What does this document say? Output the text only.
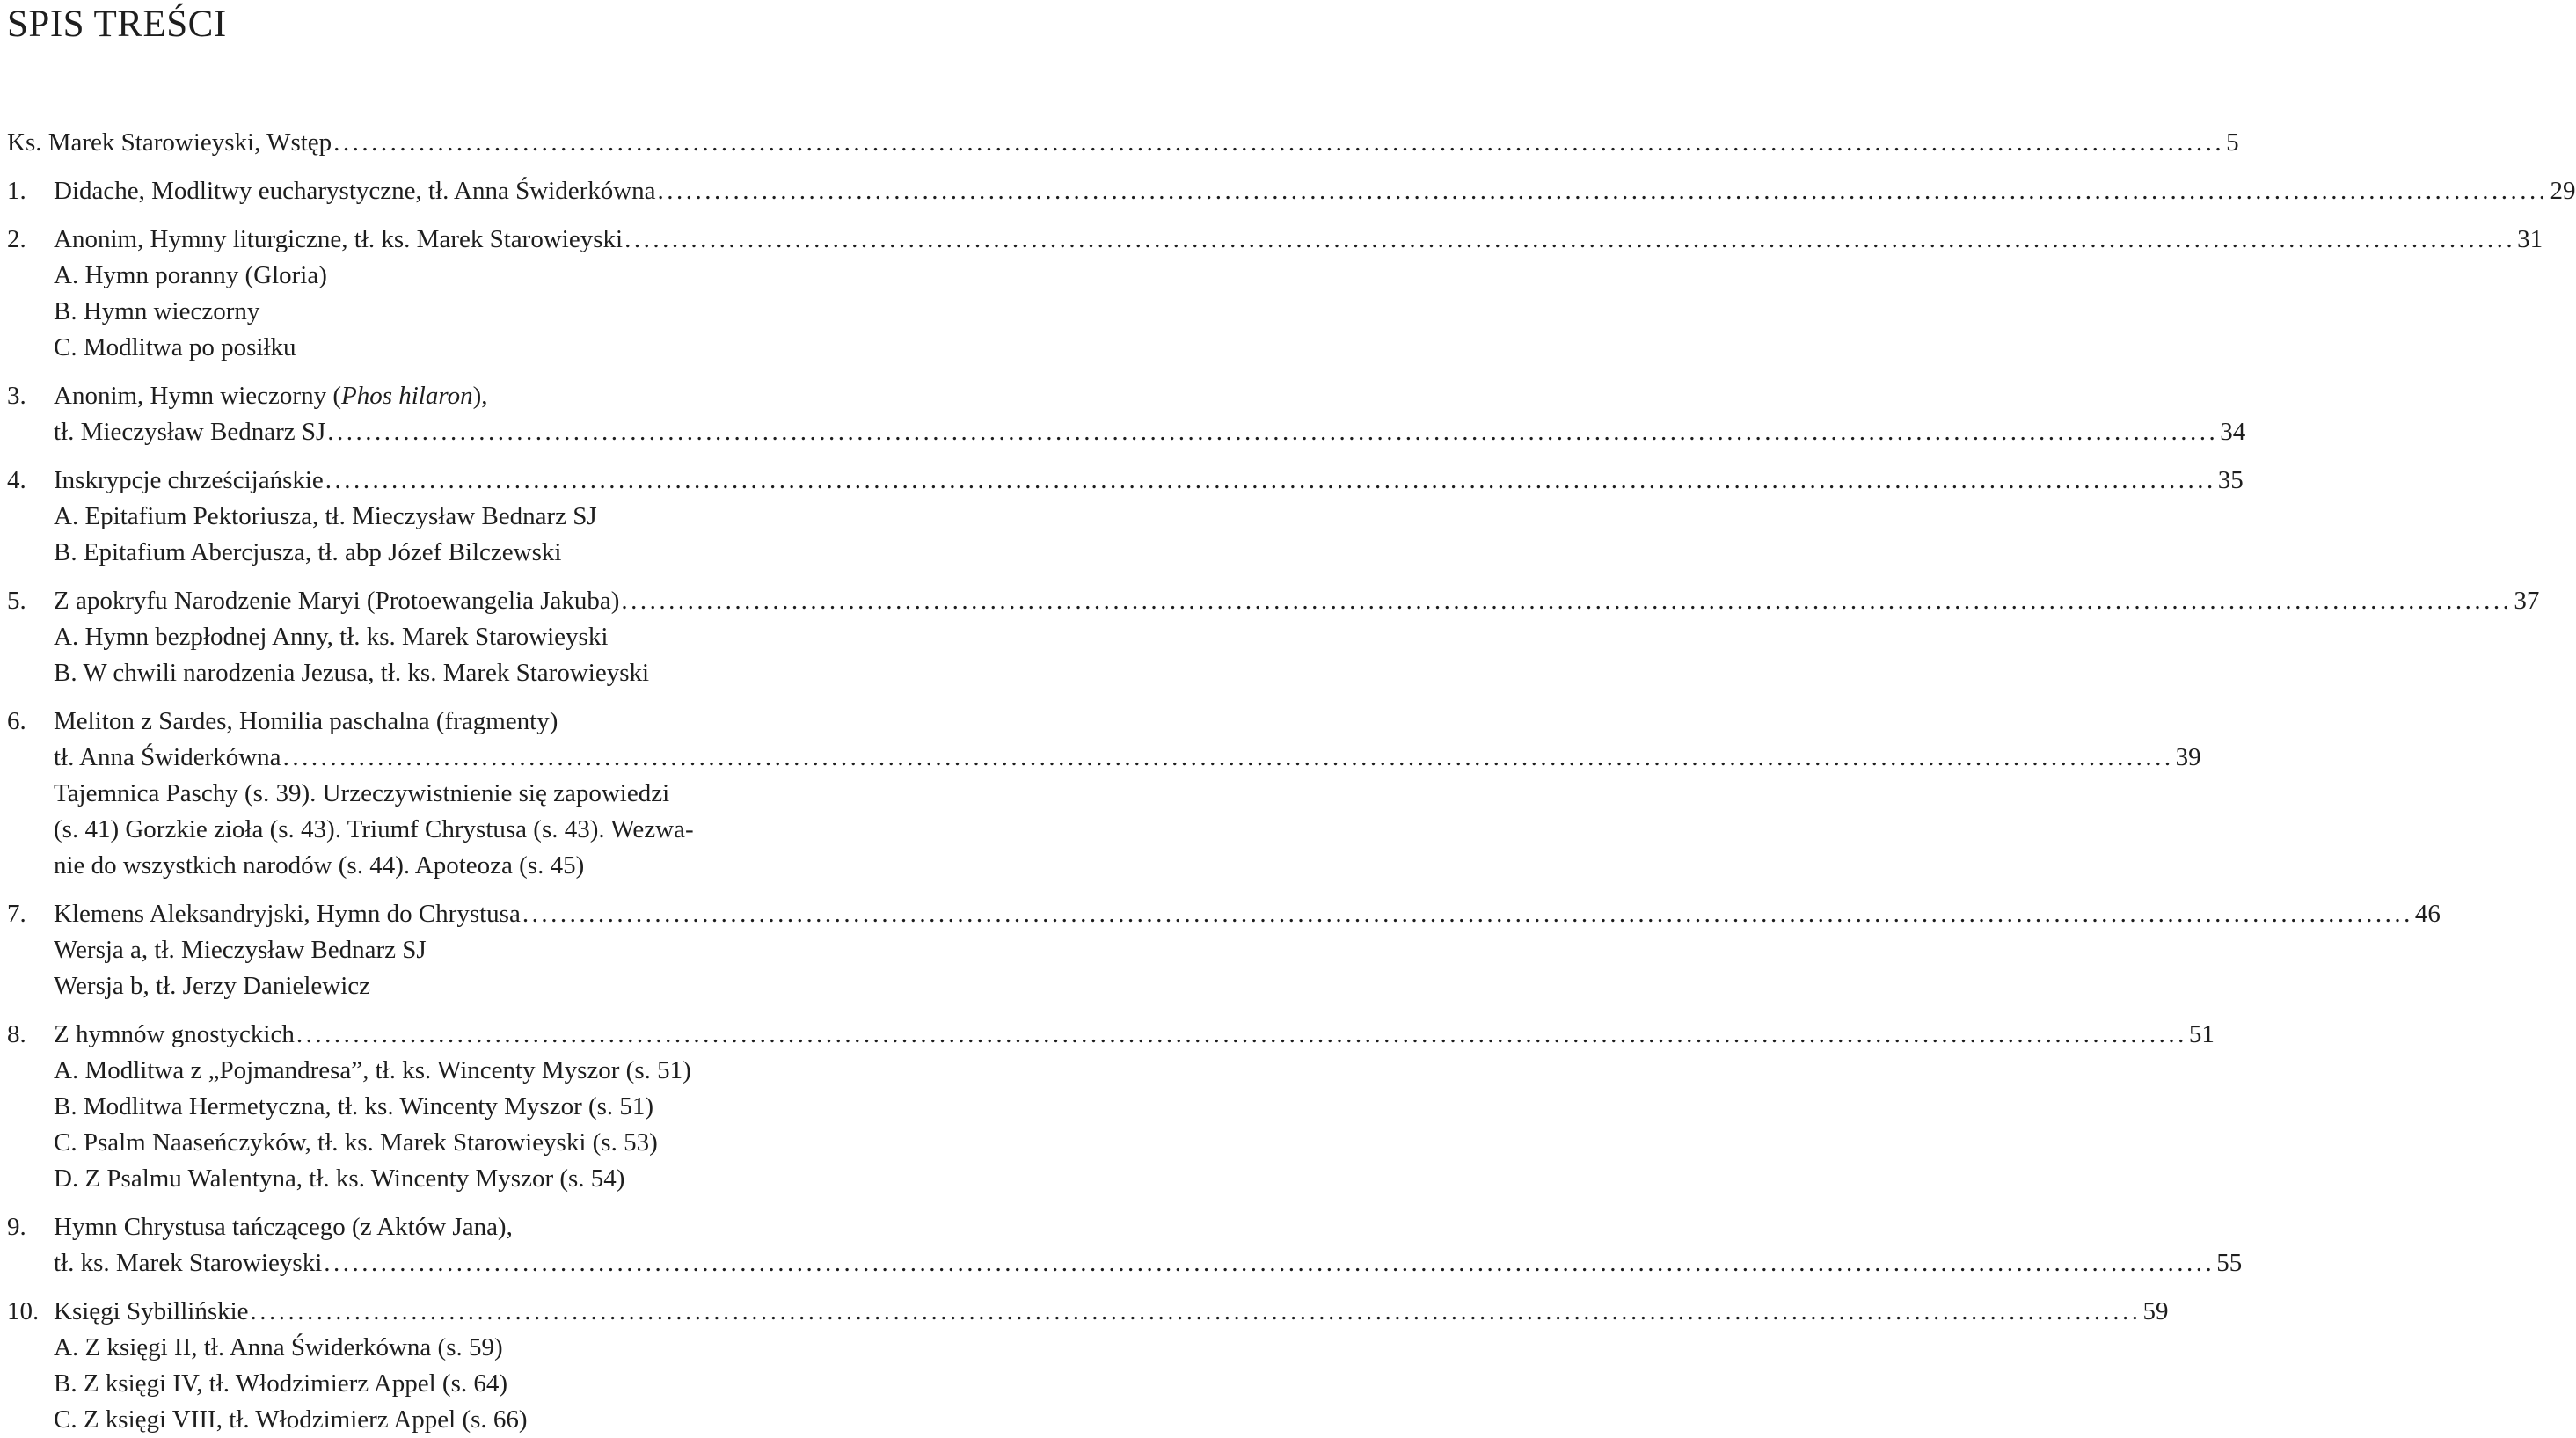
SPIS TREŚCI
Ks. Marek Starowieyski, Wstęp ........................................................................................................................................................................................................ 5
1.	Didache, Modlitwy eucharystyczne, tł. Anna Świderkówna ........................................................................................................................................................................................................ 29
2.	Anonim, Hymny liturgiczne, tł. ks. Marek Starowieyski ........................................................................................................................................................................................................ 31
A. Hymn poranny (Gloria)
B. Hymn wieczorny
C. Modlitwa po posiłku
3.	Anonim, Hymn wieczorny (Phos hilaron),
tł. Mieczysław Bednarz SJ ........................................................................................................................................................................................................ 34
4.	Inskrypcje chrześcijańskie ........................................................................................................................................................................................................ 35
A. Epitafium Pektoriusza, tł. Mieczysław Bednarz SJ
B. Epitafium Abercjusza, tł. abp Józef Bilczewski
5.	Z apokryfu Narodzenie Maryi (Protoewangelia Jakuba) ........................................................................................................................................................................................................ 37
A. Hymn bezpłodnej Anny, tł. ks. Marek Starowieyski
B. W chwili narodzenia Jezusa, tł. ks. Marek Starowieyski
6.	Meliton z Sardes, Homilia paschalna (fragmenty)
tł. Anna Świderkówna ........................................................................................................................................................................................................ 39
Tajemnica Paschy (s. 39). Urzeczywistnienie się zapowiedzi
(s. 41) Gorzkie zioła (s. 43). Triumf Chrystusa (s. 43). Wezwa-
nie do wszystkich narodów (s. 44). Apoteoza (s. 45)
7.	Klemens Aleksandryjski, Hymn do Chrystusa ........................................................................................................................................................................................................ 46
Wersja a, tł. Mieczysław Bednarz SJ
Wersja b, tł. Jerzy Danielewicz
8.	Z hymnów gnostyckich ........................................................................................................................................................................................................ 51
A. Modlitwa z „Pojmandresa”, tł. ks. Wincenty Myszor (s. 51)
B. Modlitwa Hermetyczna, tł. ks. Wincenty Myszor (s. 51)
C. Psalm Naaseńczyków, tł. ks. Marek Starowieyski (s. 53)
D. Z Psalmu Walentyna, tł. ks. Wincenty Myszor (s. 54)
9.	Hymn Chrystusa tańczącego (z Aktów Jana),
tł. ks. Marek Starowieyski ........................................................................................................................................................................................................ 55
10. Księgi Sybillińskie ........................................................................................................................................................................................................ 59
A. Z księgi II, tł. Anna Świderkówna (s. 59)
B. Z księgi IV, tł. Włodzimierz Appel (s. 64)
C. Z księgi VIII, tł. Włodzimierz Appel (s. 66)
